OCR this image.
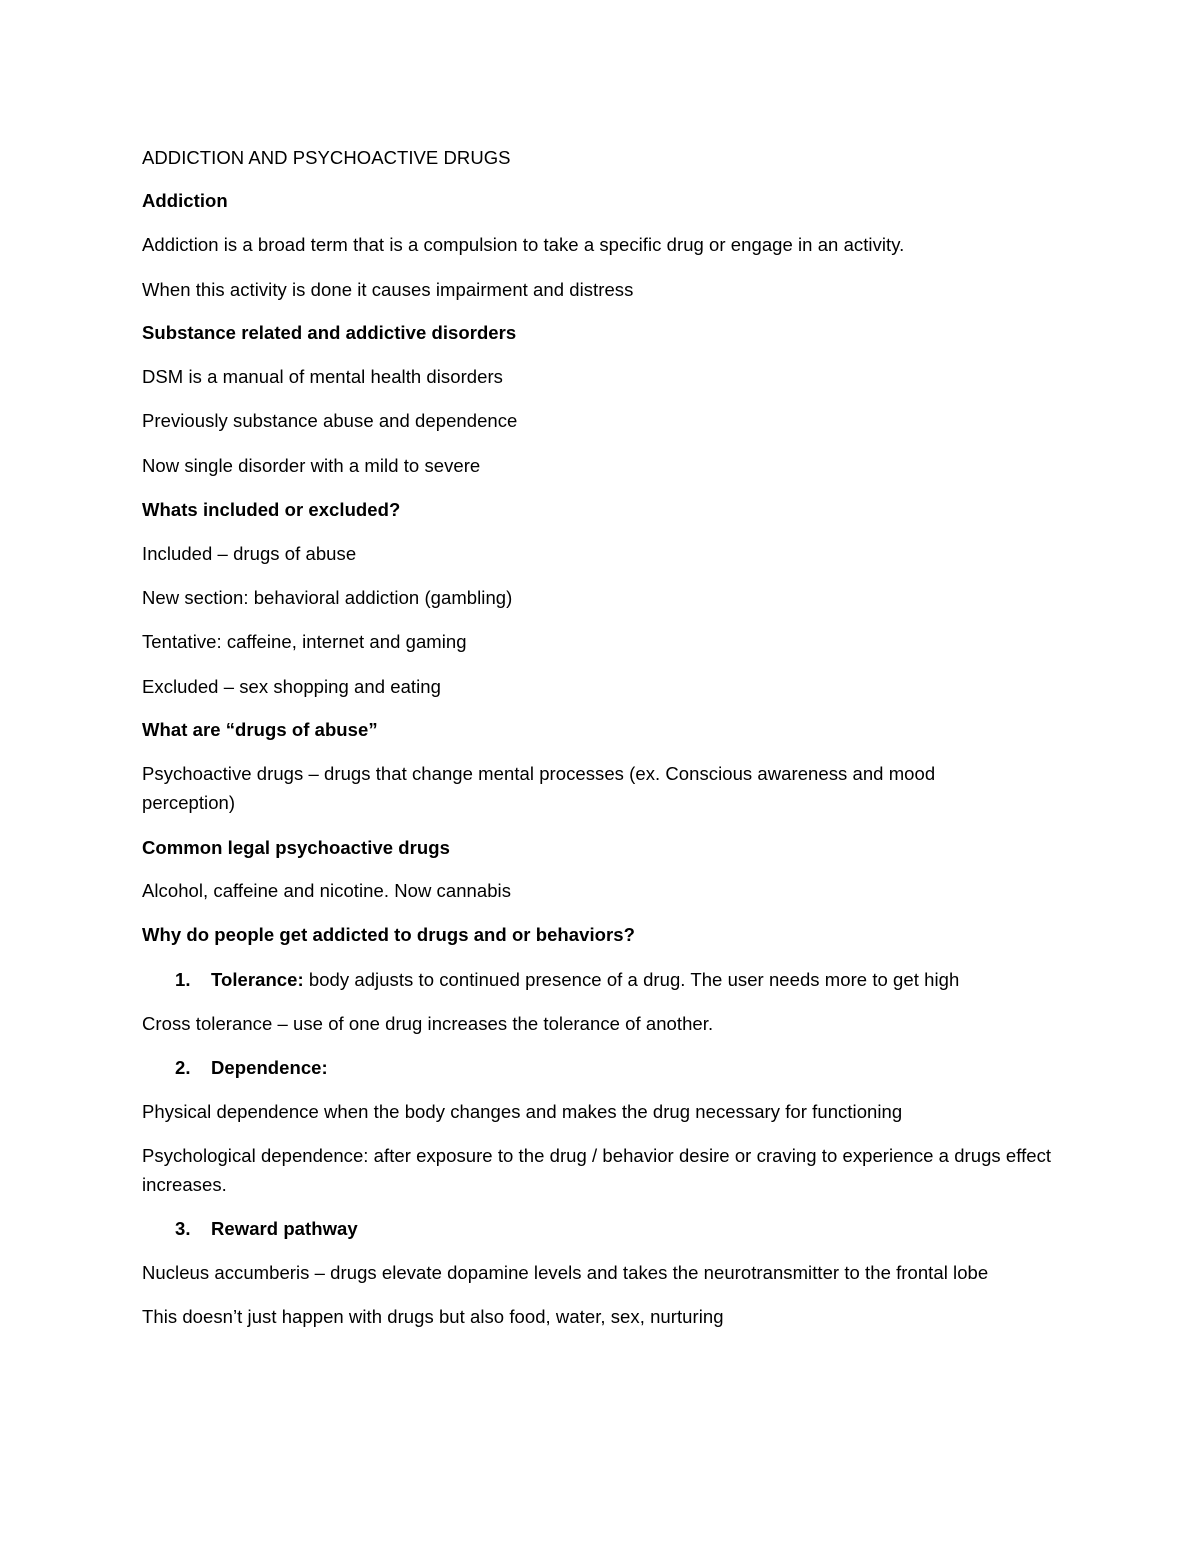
ADDICTION AND PSYCHOACTIVE DRUGS
Addiction
Addiction is a broad term that is a compulsion to take a specific drug or engage in an activity.
When this activity is done it causes impairment and distress
Substance related and addictive disorders
DSM is a manual of mental health disorders
Previously substance abuse and dependence
Now single disorder with a mild to severe
Whats included or excluded?
Included – drugs of abuse
New section: behavioral addiction (gambling)
Tentative: caffeine, internet and gaming
Excluded – sex shopping and eating
What are “drugs of abuse”
Psychoactive drugs – drugs that change mental processes (ex. Conscious awareness and mood perception)
Common legal psychoactive drugs
Alcohol, caffeine and nicotine. Now cannabis
Why do people get addicted to drugs and or behaviors?
1. Tolerance: body adjusts to continued presence of a drug. The user needs more to get high
Cross tolerance – use of one drug increases the tolerance of another.
2. Dependence:
Physical dependence when the body changes and makes the drug necessary for functioning
Psychological dependence: after exposure to the drug / behavior desire or craving to experience a drugs effect increases.
3. Reward pathway
Nucleus accumberis – drugs elevate dopamine levels and takes the neurotransmitter to the frontal lobe
This doesn’t just happen with drugs but also food, water, sex, nurturing
